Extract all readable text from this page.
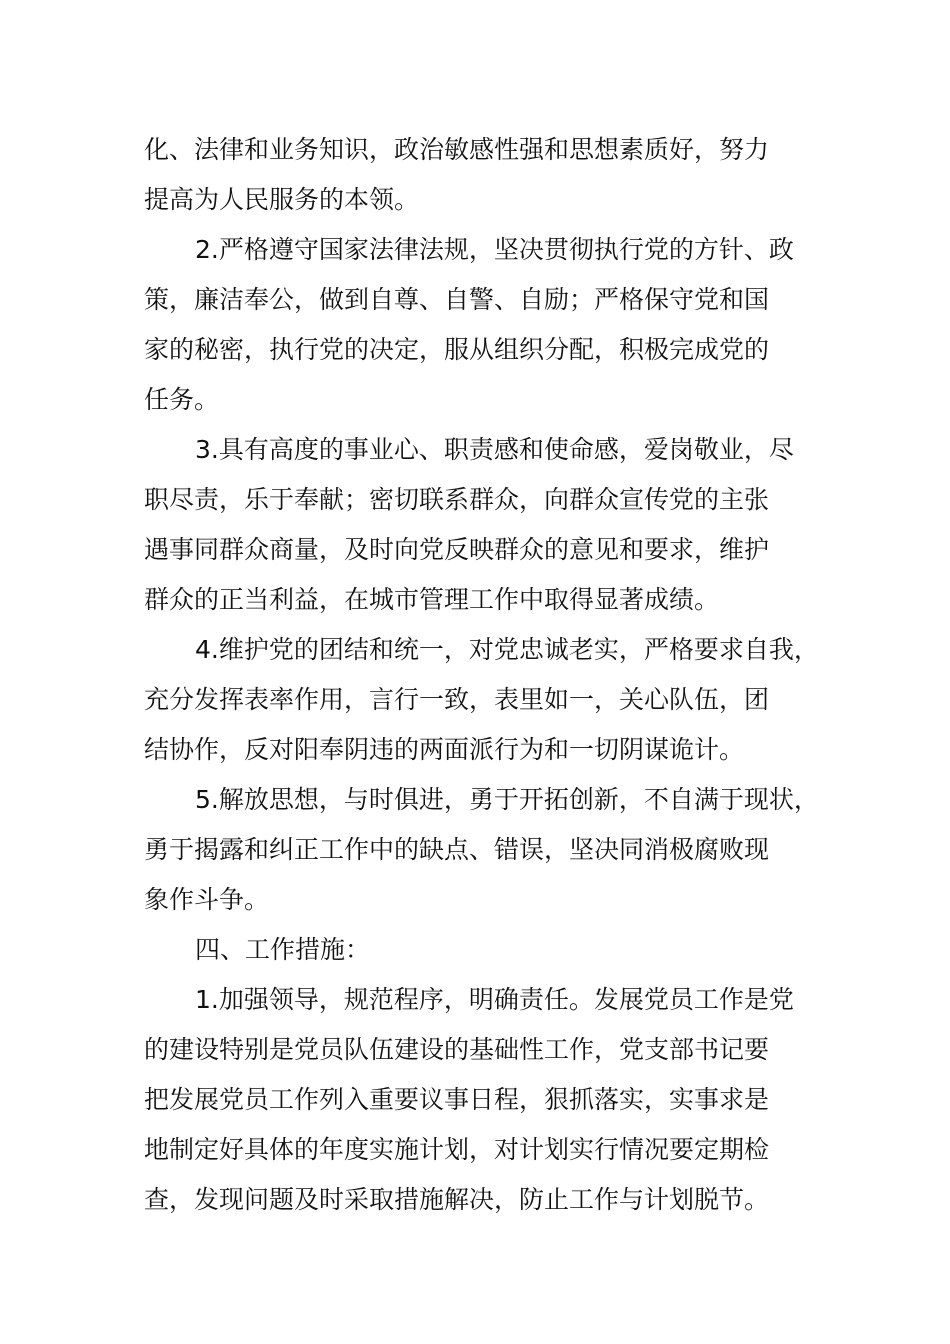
化、法律和业务知识，政治敏感性强和思想素质好，努力
提高为人民服务的本领。
2.严格遵守国家法律法规，坚决贯彻执行党的方针、政
策，廉洁奉公，做到自尊、自警、自励；严格保守党和国
家的秘密，执行党的决定，服从组织分配，积极完成党的
任务。
3.具有高度的事业心、职责感和使命感，爱岗敬业，尽
职尽责，乐于奉献；密切联系群众，向群众宣传党的主张
遇事同群众商量，及时向党反映群众的意见和要求，维护
群众的正当利益，在城市管理工作中取得显著成绩。
4.维护党的团结和统一，对党忠诚老实，严格要求自我，
充分发挥表率作用，言行一致，表里如一，关心队伍，团
结协作，反对阳奉阴违的两面派行为和一切阴谋诡计。
5.解放思想，与时俱进，勇于开拓创新，不自满于现状，
勇于揭露和纠正工作中的缺点、错误，坚决同消极腐败现
象作斗争。
四、工作措施：
1.加强领导，规范程序，明确责任。发展党员工作是党
的建设特别是党员队伍建设的基础性工作，党支部书记要
把发展党员工作列入重要议事日程，狠抓落实，实事求是
地制定好具体的年度实施计划，对计划实行情况要定期检
查，发现问题及时采取措施解决，防止工作与计划脱节。
